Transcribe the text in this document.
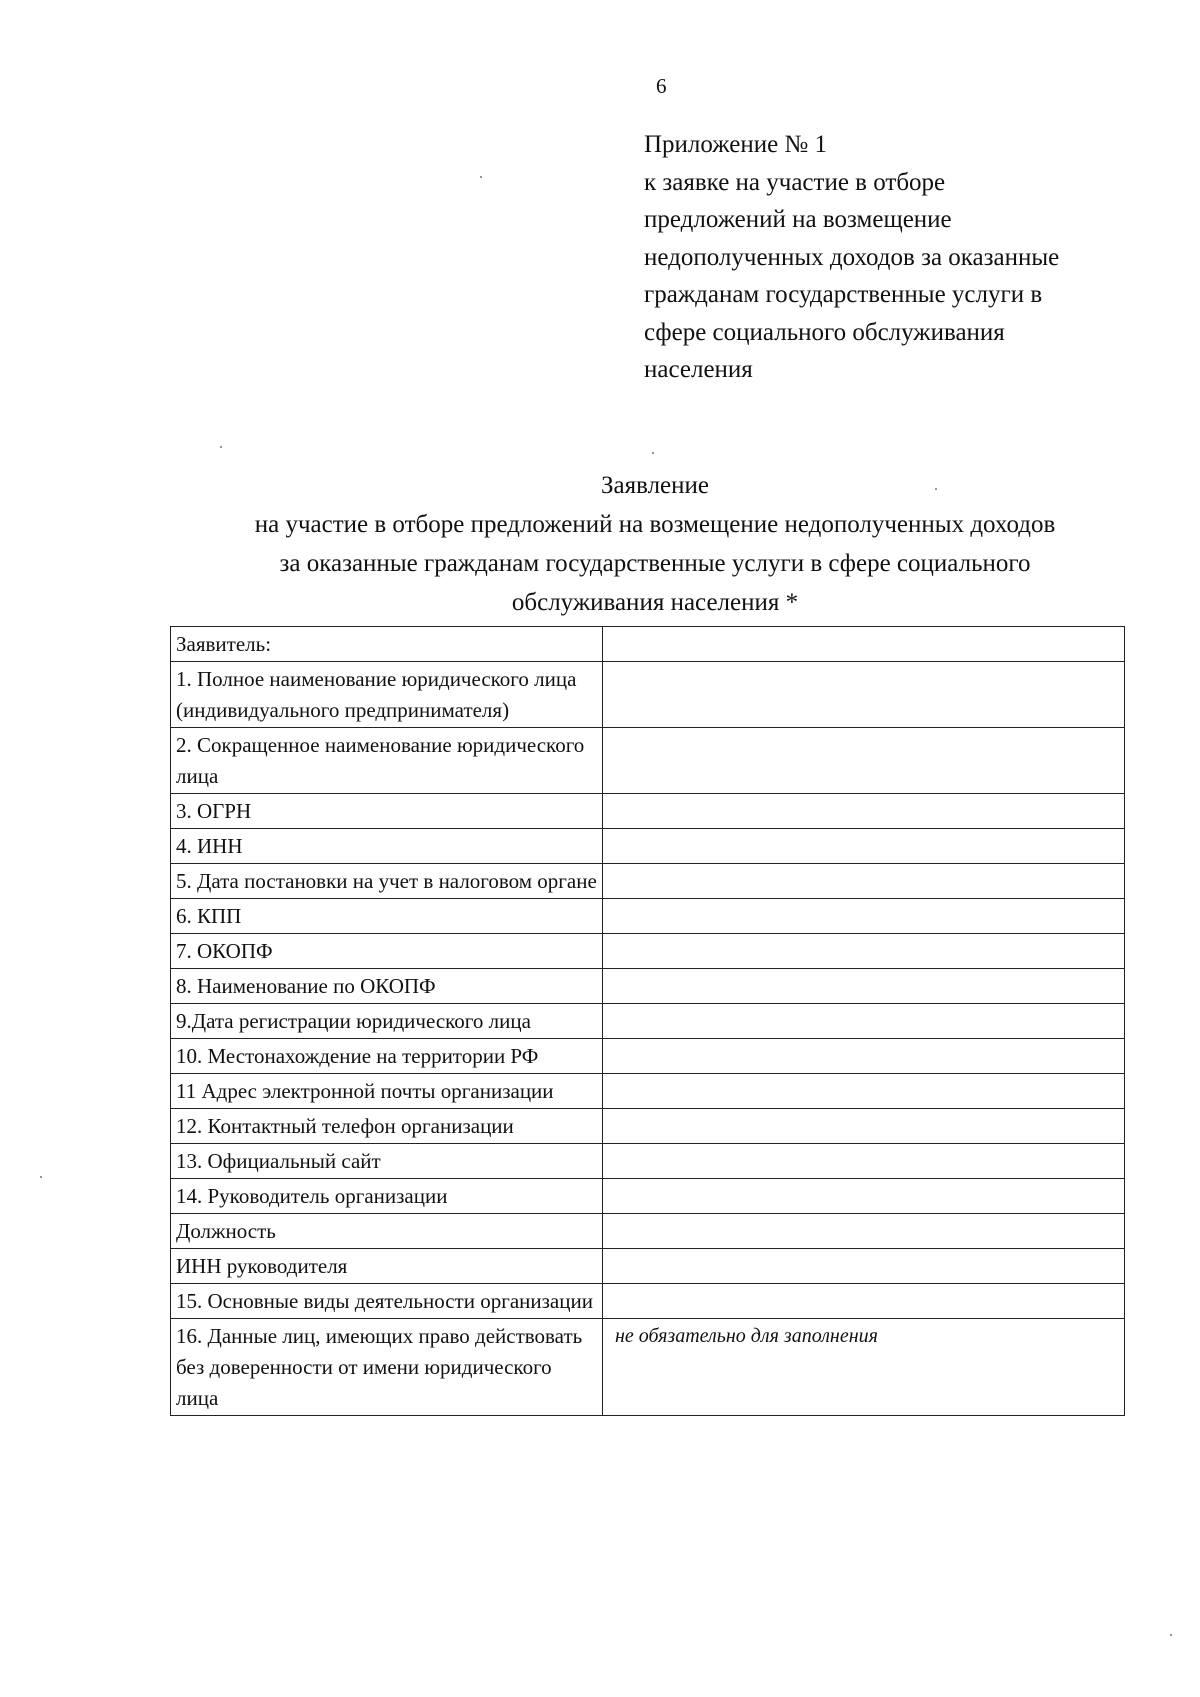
6
Приложение № 1
к заявке на участие в отборе
предложений на возмещение
недополученных доходов за оказанные
гражданам государственные услуги в
сфере социального обслуживания
населения
Заявление
на участие в отборе предложений на возмещение недополученных доходов
за оказанные гражданам государственные услуги в сфере социального
обслуживания населения *
Заявитель:	
1. Полное наименование юридического лица (индивидуального предпринимателя)	
2. Сокращенное наименование юридического лица	
3. ОГРН	
4. ИНН	
5. Дата постановки на учет в налоговом органе	
6. КПП	
7. ОКОПФ	
8. Наименование по ОКОПФ	
9.Дата регистрации юридического лица	
10. Местонахождение на территории РФ	
11 Адрес электронной почты организации	
12. Контактный телефон организации	
13. Официальный сайт	
14. Руководитель организации	
Должность	
ИНН руководителя	
15. Основные виды деятельности организации	
16. Данные лиц, имеющих право действовать без доверенности от имени юридического лица	не обязательно для заполнения
